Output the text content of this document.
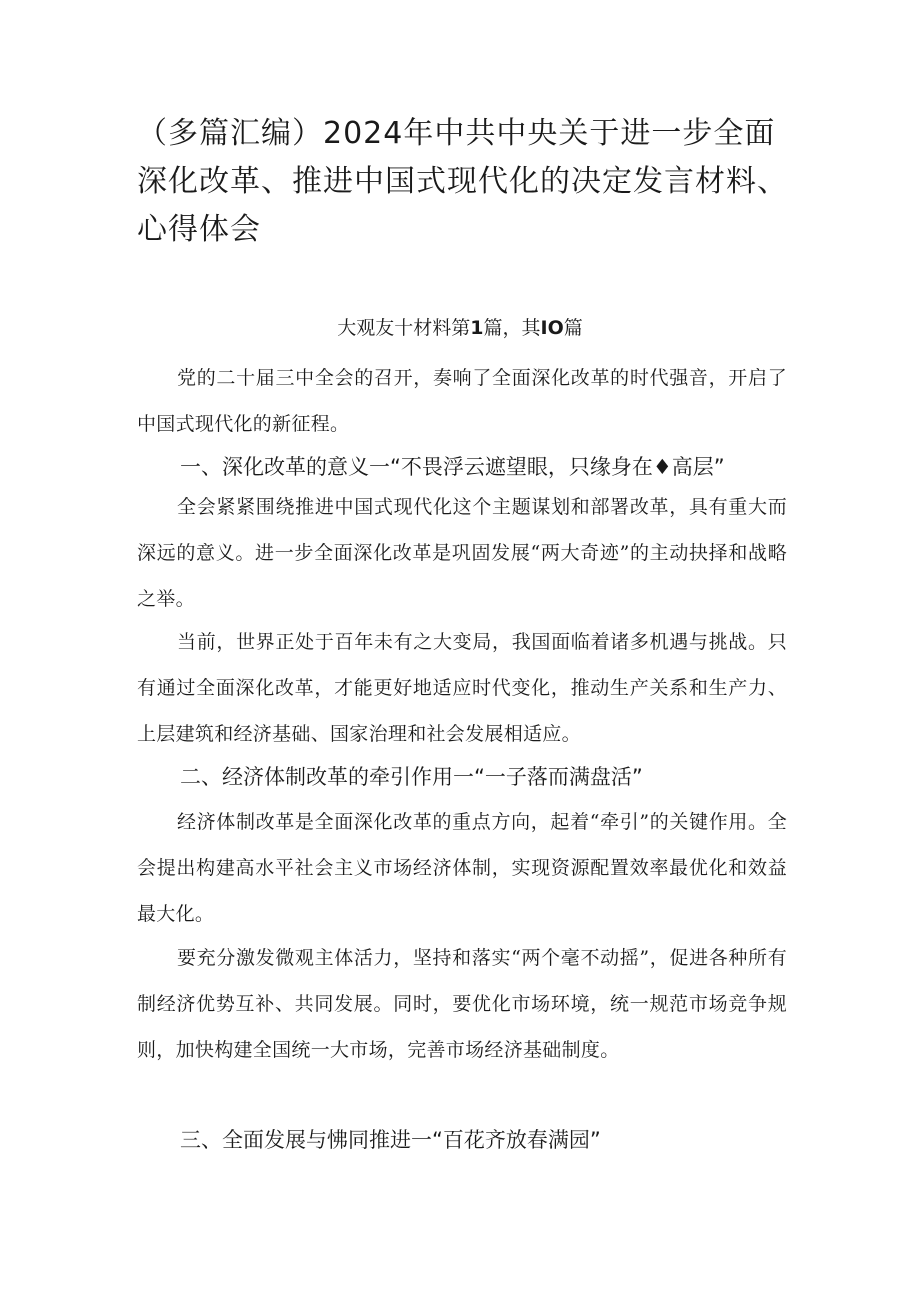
（多篇汇编）2024年中共中央关于进一步全面深化改革、推进中国式现代化的决定发言材料、心得体会

大观友十材料第1篇，其IO篇

党的二十届三中全会的召开，奏响了全面深化改革的时代强音，开启了中国式现代化的新征程。

一、深化改革的意义一“不畏浮云遮望眼，只缘身在♦高层”

全会紧紧围绕推进中国式现代化这个主题谋划和部署改革，具有重大而深远的意义。进一步全面深化改革是巩固发展“两大奇迹”的主动抉择和战略之举。

当前，世界正处于百年未有之大变局，我国面临着诸多机遇与挑战。只有通过全面深化改革，才能更好地适应时代变化，推动生产关系和生产力、上层建筑和经济基础、国家治理和社会发展相适应。

二、经济体制改革的牵引作用一“一子落而满盘活”

经济体制改革是全面深化改革的重点方向，起着“牵引”的关键作用。全会提出构建高水平社会主义市场经济体制，实现资源配置效率最优化和效益最大化。

要充分激发微观主体活力，坚持和落实“两个毫不动摇”，促进各种所有制经济优势互补、共同发展。同时，要优化市场环境，统一规范市场竞争规则，加快构建全国统一大市场，完善市场经济基础制度。

三、全面发展与怫同推进一“百花齐放春满园”
